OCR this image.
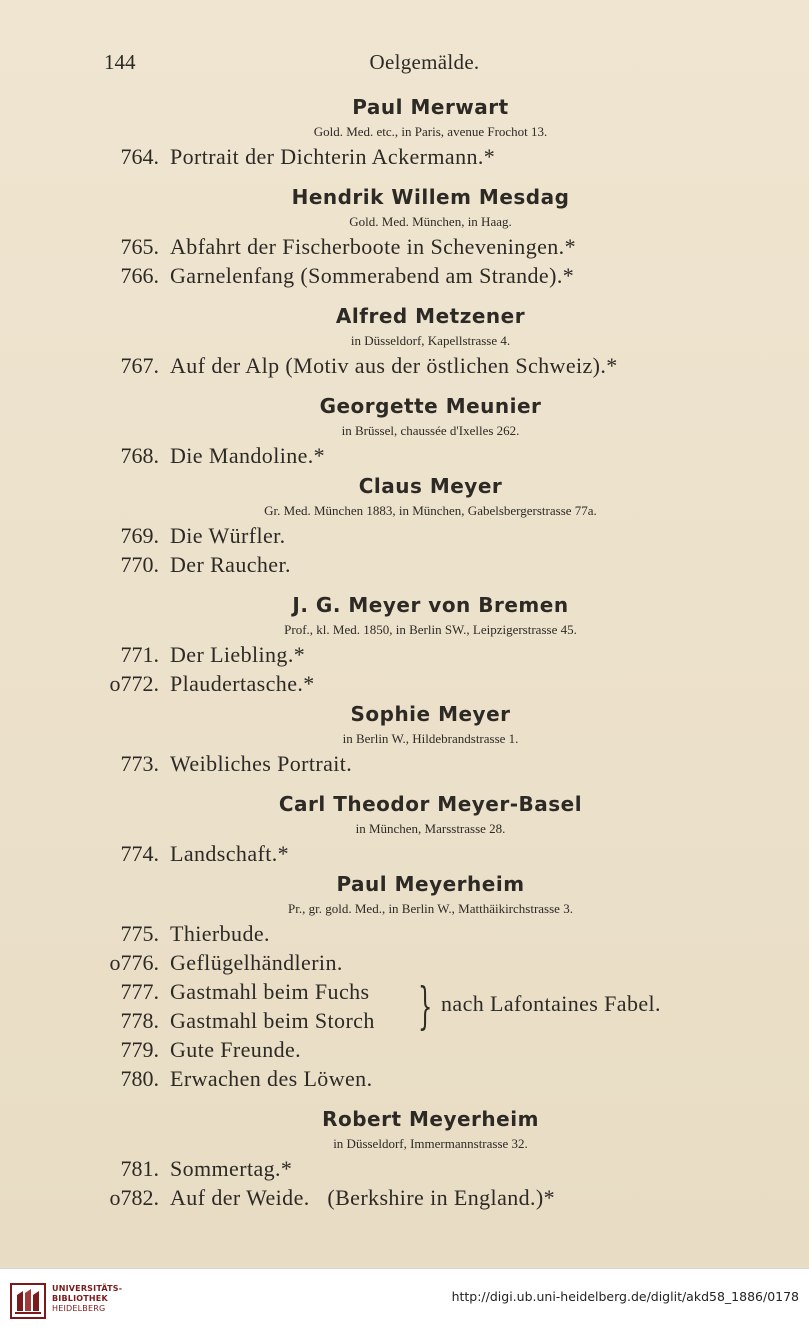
144	Oelgemälde.
Paul Merwart
Gold. Med. etc., in Paris, avenue Frochot 13.
764. Portrait der Dichterin Ackermann.*
Hendrik Willem Mesdag
Gold. Med. München, in Haag.
765. Abfahrt der Fischerboote in Scheveningen.*
766. Garnelenfang (Sommerabend am Strande).*
Alfred Metzener
in Düsseldorf, Kapellstrasse 4.
767. Auf der Alp (Motiv aus der östlichen Schweiz).*
Georgette Meunier
in Brüssel, chaussée d'Ixelles 262.
768. Die Mandoline.*
Claus Meyer
Gr. Med. München 1883, in München, Gabelsbergerstrasse 77a.
769. Die Würfler.
770. Der Raucher.
J. G. Meyer von Bremen
Prof., kl. Med. 1850, in Berlin SW., Leipzigerstrasse 45.
771. Der Liebling.*
o772. Plaudertasche.*
Sophie Meyer
in Berlin W., Hildebrandstrasse 1.
773. Weibliches Portrait.
Carl Theodor Meyer-Basel
in München, Marsstrasse 28.
774. Landschaft.*
Paul Meyerheim
Pr., gr. gold. Med., in Berlin W., Matthäikirchstrasse 3.
775. Thierbude.
o776. Geflügelhändlerin.
777. Gastmahl beim Fuchs
778. Gastmahl beim Storch } nach Lafontaines Fabel.
779. Gute Freunde.
780. Erwachen des Löwen.
Robert Meyerheim
in Düsseldorf, Immermannstrasse 32.
781. Sommertag.*
o782. Auf der Weide.   (Berkshire in England.)*
UNIVERSITÄTS-
BIBLIOTHEK
HEIDELBERG
http://digi.ub.uni-heidelberg.de/diglit/akd58_1886/0178
